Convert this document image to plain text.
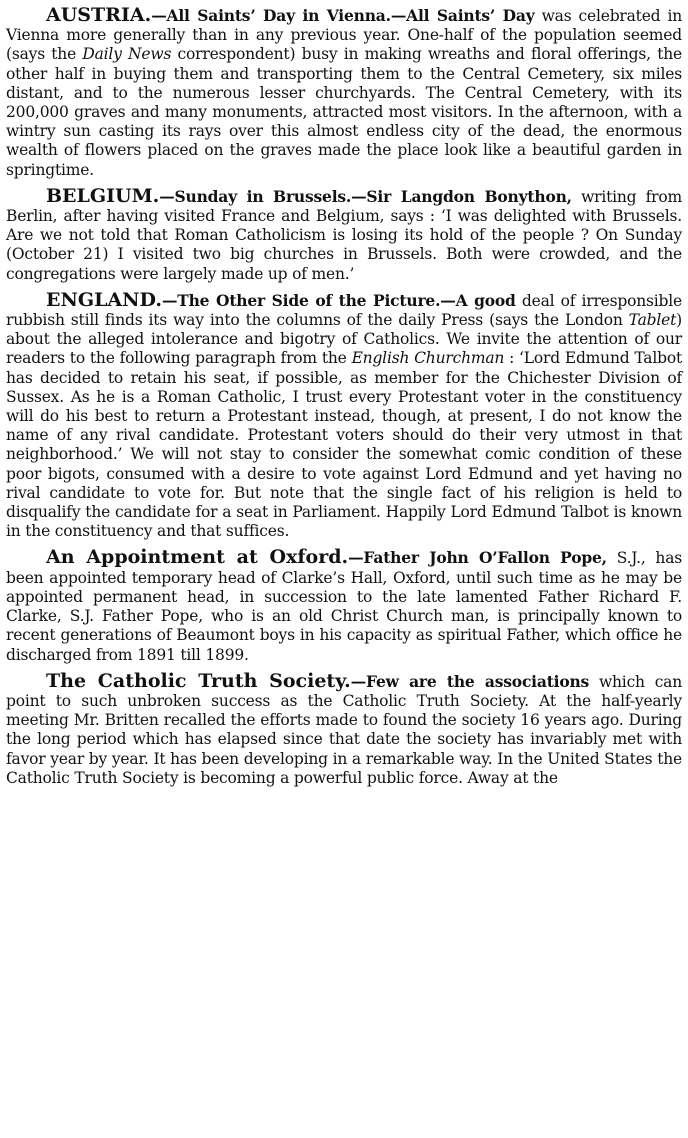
AUSTRIA.—All Saints’ Day in Vienna.—All Saints’ Day was celebrated in Vienna more generally than in any previous year. One-half of the population seemed (says the Daily News correspondent) busy in making wreaths and floral offerings, the other half in buying them and transporting them to the Central Cemetery, six miles distant, and to the numerous lesser churchyards. The Central Cemetery, with its 200,000 graves and many monuments, attracted most visitors. In the afternoon, with a wintry sun casting its rays over this almost endless city of the dead, the enormous wealth of flowers placed on the graves made the place look like a beautiful garden in springtime.

BELGIUM.—Sunday in Brussels.—Sir Langdon Bonython, writing from Berlin, after having visited France and Belgium, says : ‘I was delighted with Brussels. Are we not told that Roman Catholicism is losing its hold of the people ? On Sunday (October 21) I visited two big churches in Brussels. Both were crowded, and the congregations were largely made up of men.’

ENGLAND.—The Other Side of the Picture.—A good deal of irresponsible rubbish still finds its way into the columns of the daily Press (says the London Tablet) about the alleged intolerance and bigotry of Catholics. We invite the attention of our readers to the following paragraph from the English Churchman : ‘Lord Edmund Talbot has decided to retain his seat, if possible, as member for the Chichester Division of Sussex. As he is a Roman Catholic, I trust every Protestant voter in the constituency will do his best to return a Protestant instead, though, at present, I do not know the name of any rival candidate. Protestant voters should do their very utmost in that neighborhood.’ We will not stay to consider the somewhat comic condition of these poor bigots, consumed with a desire to vote against Lord Edmund and yet having no rival candidate to vote for. But note that the single fact of his religion is held to disqualify the candidate for a seat in Parliament. Happily Lord Edmund Talbot is known in the constituency and that suffices.

An Appointment at Oxford.—Father John O’Fallon Pope, S.J., has been appointed temporary head of Clarke’s Hall, Oxford, until such time as he may be appointed permanent head, in succession to the late lamented Father Richard F. Clarke, S.J. Father Pope, who is an old Christ Church man, is principally known to recent generations of Beaumont boys in his capacity as spiritual Father, which office he discharged from 1891 till 1899.

The Catholic Truth Society.—Few are the associations which can point to such unbroken success as the Catholic Truth Society. At the half-yearly meeting Mr. Britten recalled the efforts made to found the society 16 years ago. During the long period which has elapsed since that date the society has invariably met with favor year by year. It has been developing in a remarkable way. In the United States the Catholic Truth Society is becoming a powerful public force. Away at the
